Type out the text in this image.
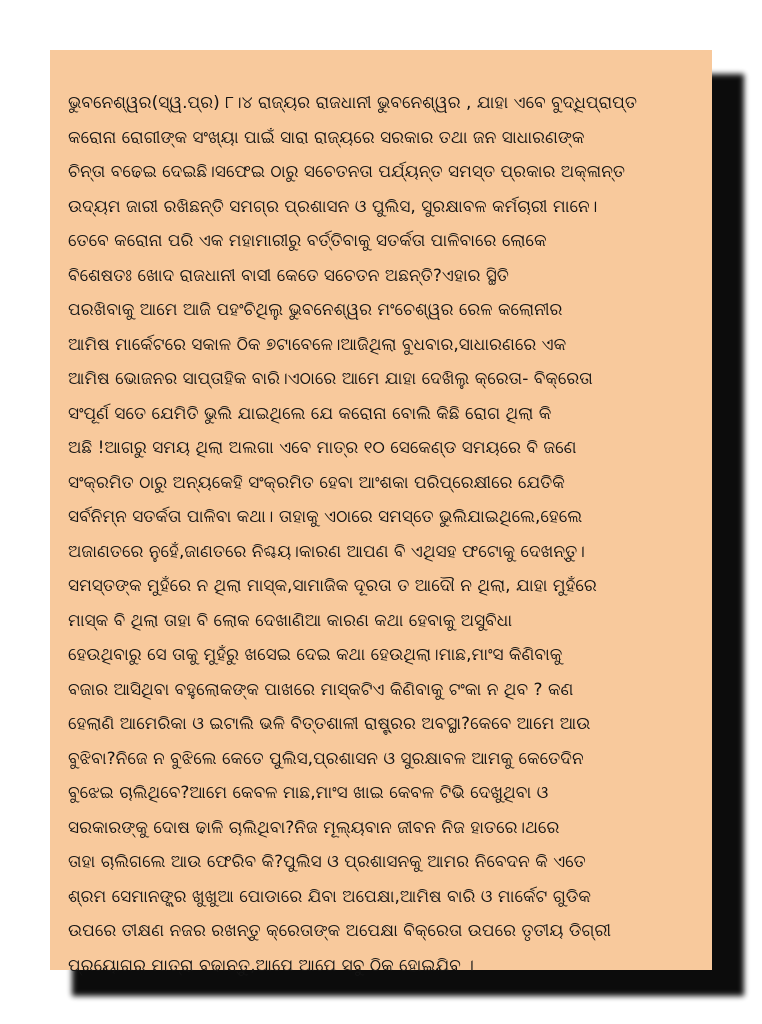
ଭୁବନେଶ୍ୱର(ସ୍ୱ.ପ୍ର) ୮।୪ ରାଜ୍ୟର ରାଜଧାନୀ ଭୁବନେଶ୍ୱର , ଯାହା ଏବେ ବୁଦ୍ଧିପ୍ରାପ୍ତ
କରୋନା ରୋଗୀଙ୍କ ସଂଖ୍ୟା ପାଇଁ ସାରା ରାଜ୍ୟରେ ସରକାର ତଥା ଜନ ସାଧାରଣଙ୍କ
ଚିନ୍ତା ବଢେଇ ଦେଇଛି।ସଫେଇ ଠାରୁ ସଚେତନତା ପର୍ଯ୍ୟନ୍ତ ସମସ୍ତ ପ୍ରକାର ଅକ୍ଳାନ୍ତ
ଉଦ୍ୟମ ଜାରୀ ରଖିଛନ୍ତି ସମଗ୍ର ପ୍ରଶାସନ ଓ ପୁଲିସ, ସୁରକ୍ଷାବଳ କର୍ମଚାରୀ ମାନେ।
ତେବେ କରୋନା ପରି ଏକ ମହାମାରୀରୁ ବର୍ତ୍ତିବାକୁ ସତର୍କତା ପାଳିବାରେ ଲୋକେ
ବିଶେଷତଃ ଖୋଦ ରାଜଧାନୀ ବାସୀ କେତେ ସଚେତନ ଅଛନ୍ତି?ଏହାର ସ୍ଥିତି
ପରଖିବାକୁ ଆମେ ଆଜି ପହଂଚିଥିଲୁ ଭୁବନେଶ୍ୱର ମଂଚେଶ୍ୱର ରେଳ କଲୋନୀର
ଆମିଷ ମାର୍କେଟରେ ସକାଳ ଠିକ ୭ଟାବେଳେ।ଆଜିଥିଲା ବୁଧବାର,ସାଧାରଣରେ ଏକ
ଆମିଷ ଭୋଜନର ସାପ୍ତାହିକ ବାରି।ଏଠାରେ ଆମେ ଯାହା ଦେଖିଲୁ କ୍ରେତା- ବିକ୍ରେତା
ସଂପୂର୍ଣ ସତେ ଯେମିତି ଭୁଲି ଯାଇଥିଲେ ଯେ କରୋନା ବୋଲି କିଛି ରୋଗ ଥିଲା କି
ଅଛି !ଆଗରୁ ସମୟ ଥିଲା ଅଲଗା ଏବେ ମାତ୍ର ୧୦ ସେକେଣ୍ଡ ସମୟରେ ବି ଜଣେ
ସଂକ୍ରମିତ ଠାରୁ ଅନ୍ୟକେହି ସଂକ୍ରମିତ ହେବା ଆଂଶକା ପରିପ୍ରେକ୍ଷୀରେ ଯେତିକି
ସର୍ବନିମ୍ନ ସତର୍କତା ପାଳିବା କଥା। ତାହାକୁ ଏଠାରେ ସମସ୍ତେ ଭୁଲିଯାଇଥିଲେ,ହେଲେ
ଅଜାଣତରେ ନୁହେଁ,ଜାଣତରେ ନିଶ୍ଚୟ।କାରଣ ଆପଣ ବି ଏଥିସହ ଫଟୋକୁ ଦେଖନ୍ତୁ।
ସମସ୍ତଙ୍କ ମୁହଁରେ ନ ଥିଲା ମାସ୍କ,ସାମାଜିକ ଦୂରତା ତ ଆଦୌ ନ ଥିଲା, ଯାହା ମୁହଁରେ
ମାସ୍କ ବି ଥିଲା ତାହା ବି ଲୋକ ଦେଖାଣିଆ କାରଣ କଥା ହେବାକୁ ଅସୁବିଧା
ହେଉଥିବାରୁ ସେ ତାକୁ ମୁହଁରୁ ଖସେଇ ଦେଇ କଥା ହେଉଥିଲା।ମାଛ,ମାଂସ କିଣିବାକୁ
ବଜାର ଆସିଥିବା ବହୁଲୋକଙ୍କ ପାଖରେ ମାସ୍କଟିଏ କିଣିବାକୁ ଟଂକା ନ ଥିବ ? କଣ
ହେଲାଣି ଆମେରିକା ଓ ଇଟାଲି ଭଳି ବିତ୍ତଶାଳୀ ରାଷ୍ଟ୍ରର ଅବସ୍ଥା?କେବେ ଆମେ ଆଉ
ବୁଝିବା?ନିଜେ ନ ବୁଝିଲେ କେତେ ପୁଲିସ,ପ୍ରଶାସନ ଓ ସୁରକ୍ଷାବଳ ଆମକୁ କେତେଦିନ
ବୁଝେଇ ଚାଲିଥିବେ?ଆମେ କେବଳ ମାଛ,ମାଂସ ଖାଇ କେବଳ ଟିଭି ଦେଖୁଥିବା ଓ
ସରକାରଙ୍କୁ ଦୋଷ ଢାଳି ଚାଲିଥିବା?ନିଜ ମୂଲ୍ୟବାନ ଜୀବନ ନିଜ ହାତରେ।ଥରେ
ତାହା ଚାଲିଗଲେ ଆଉ ଫେରିବ କି?ପୁଲିସ ଓ ପ୍ରଶାସନକୁ ଆମର ନିବେଦନ କି ଏତେ
ଶ୍ରମ ସେମାନଙ୍କ୍ର ଖୁଖୁଆ ପୋଡାରେ ଯିବା ଅପେକ୍ଷା,ଆମିଷ ବାରି ଓ ମାର୍କେଟ ଗୁଡିକ
ଉପରେ ତୀକ୍ଷଣ ନଜର ରଖନ୍ତୁ କ୍ରେତାଙ୍କ ଅପେକ୍ଷା ବିକ୍ରେତା ଉପରେ ତୃତୀୟ ଡିଗ୍ରୀ
ପ୍ରୟୋଗର ମାତ୍ରା ବଢାନ୍ତୁ,ଆପେ ଆପେ ସବୁ ଠିକ ହୋଇଯିବ ।
